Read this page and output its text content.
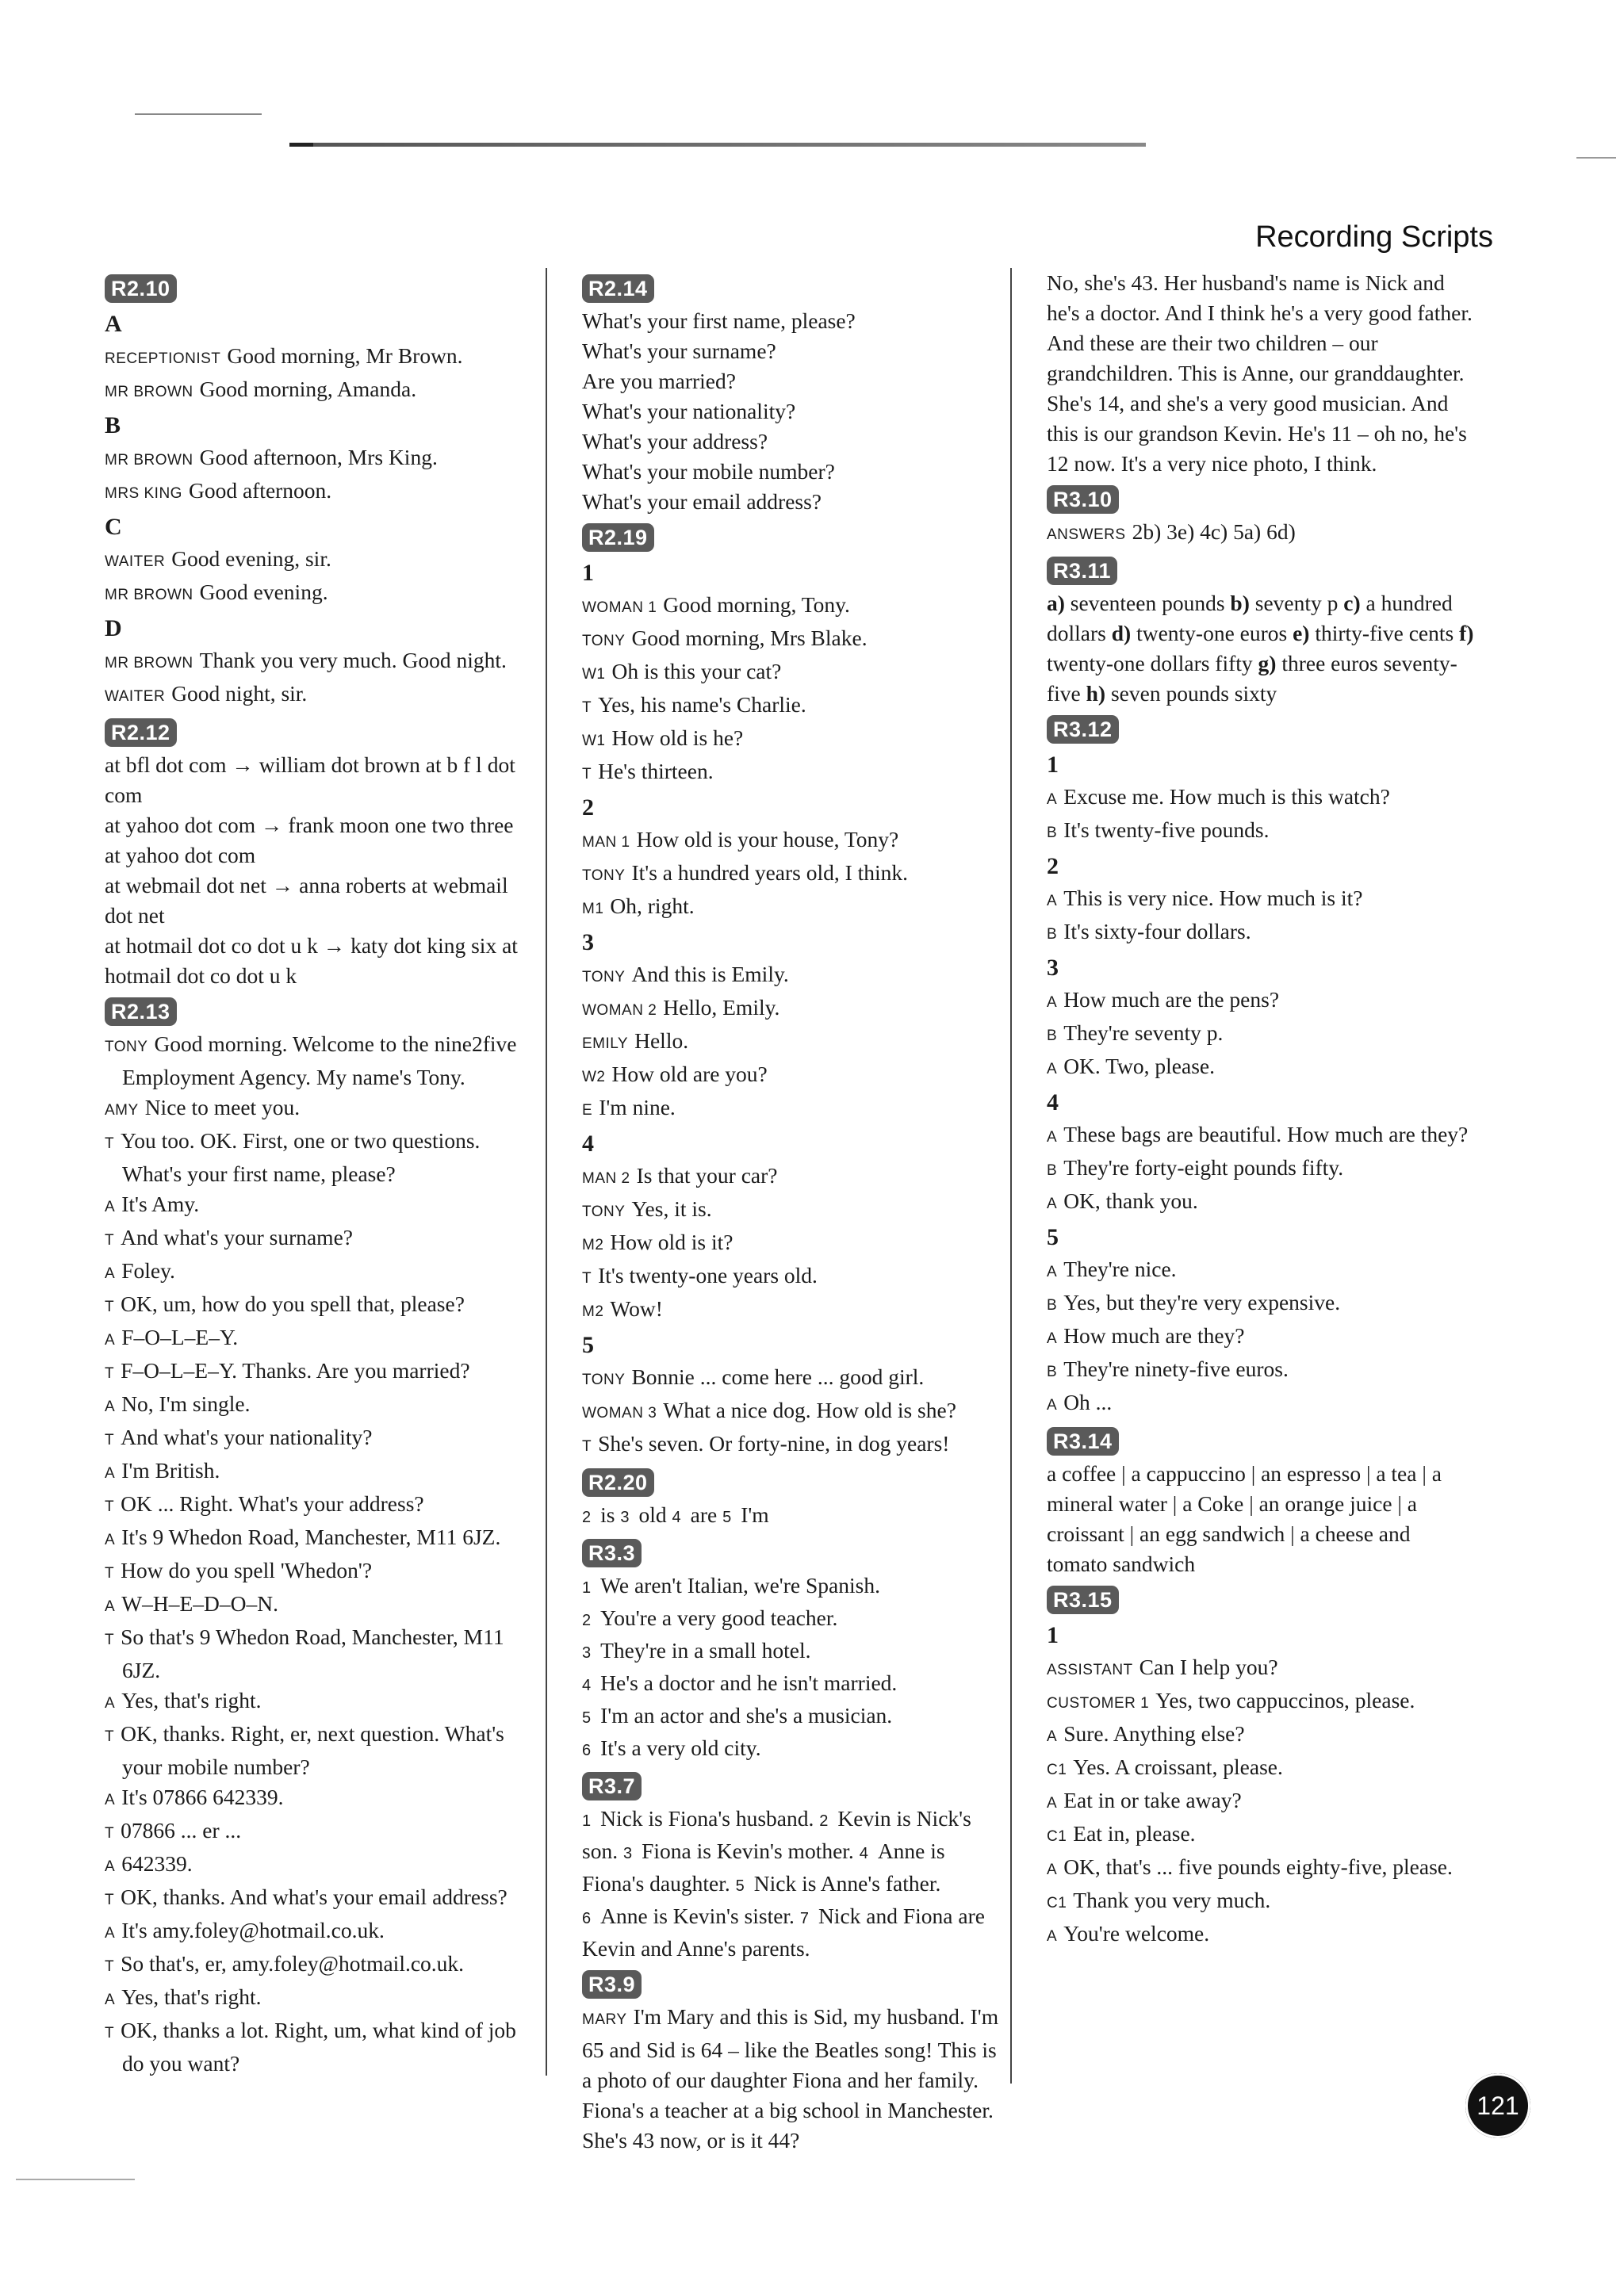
Recording Scripts
R2.10
A
RECEPTIONIST Good morning, Mr Brown.
MR BROWN Good morning, Amanda.
B
MR BROWN Good afternoon, Mrs King.
MRS KING Good afternoon.
C
WAITER Good evening, sir.
MR BROWN Good evening.
D
MR BROWN Thank you very much. Good night.
WAITER Good night, sir.
R2.12
at bfl dot com → william dot brown at b f l dot com
at yahoo dot com → frank moon one two three at yahoo dot com
at webmail dot net → anna roberts at webmail dot net
at hotmail dot co dot u k → katy dot king six at hotmail dot co dot u k
R2.13
TONY Good morning. Welcome to the nine2five Employment Agency. My name's Tony.
AMY Nice to meet you.
T You too. OK. First, one or two questions. What's your first name, please?
A It's Amy.
T And what's your surname?
A Foley.
T OK, um, how do you spell that, please?
A F–O–L–E–Y.
T F–O–L–E–Y. Thanks. Are you married?
A No, I'm single.
T And what's your nationality?
A I'm British.
T OK ... Right. What's your address?
A It's 9 Whedon Road, Manchester, M11 6JZ.
T How do you spell 'Whedon'?
A W–H–E–D–O–N.
T So that's 9 Whedon Road, Manchester, M11 6JZ.
A Yes, that's right.
T OK, thanks. Right, er, next question. What's your mobile number?
A It's 07866 642339.
T 07866 ... er ...
A 642339.
T OK, thanks. And what's your email address?
A It's amy.foley@hotmail.co.uk.
T So that's, er, amy.foley@hotmail.co.uk.
A Yes, that's right.
T OK, thanks a lot. Right, um, what kind of job do you want?
R2.14
What's your first name, please?
What's your surname?
Are you married?
What's your nationality?
What's your address?
What's your mobile number?
What's your email address?
R2.19
1
WOMAN 1 Good morning, Tony.
TONY Good morning, Mrs Blake.
W1 Oh is this your cat?
T Yes, his name's Charlie.
W1 How old is he?
T He's thirteen.
2
MAN 1 How old is your house, Tony?
TONY It's a hundred years old, I think.
M1 Oh, right.
3
TONY And this is Emily.
WOMAN 2 Hello, Emily.
EMILY Hello.
W2 How old are you?
E I'm nine.
4
MAN 2 Is that your car?
TONY Yes, it is.
M2 How old is it?
T It's twenty-one years old.
M2 Wow!
5
TONY Bonnie ... come here ... good girl.
WOMAN 3 What a nice dog. How old is she?
T She's seven. Or forty-nine, in dog years!
R2.20
2 is 3 old 4 are 5 I'm
R3.3
1 We aren't Italian, we're Spanish.
2 You're a very good teacher.
3 They're in a small hotel.
4 He's a doctor and he isn't married.
5 I'm an actor and she's a musician.
6 It's a very old city.
R3.7
1 Nick is Fiona's husband. 2 Kevin is Nick's son. 3 Fiona is Kevin's mother. 4 Anne is Fiona's daughter. 5 Nick is Anne's father. 6 Anne is Kevin's sister. 7 Nick and Fiona are Kevin and Anne's parents.
R3.9
MARY I'm Mary and this is Sid, my husband. I'm 65 and Sid is 64 – like the Beatles song! This is a photo of our daughter Fiona and her family. Fiona's a teacher at a big school in Manchester. She's 43 now, or is it 44?
No, she's 43. Her husband's name is Nick and he's a doctor. And I think he's a very good father.
And these are their two children – our grandchildren. This is Anne, our granddaughter. She's 14, and she's a very good musician. And this is our grandson Kevin. He's 11 – oh no, he's 12 now. It's a very nice photo, I think.
R3.10
ANSWERS 2b) 3e) 4c) 5a) 6d)
R3.11
a) seventeen pounds b) seventy p c) a hundred dollars d) twenty-one euros e) thirty-five cents f) twenty-one dollars fifty g) three euros seventy-five h) seven pounds sixty
R3.12
1
A Excuse me. How much is this watch?
B It's twenty-five pounds.
2
A This is very nice. How much is it?
B It's sixty-four dollars.
3
A How much are the pens?
B They're seventy p.
A OK. Two, please.
4
A These bags are beautiful. How much are they?
B They're forty-eight pounds fifty.
A OK, thank you.
5
A They're nice.
B Yes, but they're very expensive.
A How much are they?
B They're ninety-five euros.
A Oh ...
R3.14
a coffee | a cappuccino | an espresso | a tea | a mineral water | a Coke | an orange juice | a croissant | an egg sandwich | a cheese and tomato sandwich
R3.15
1
ASSISTANT Can I help you?
CUSTOMER 1 Yes, two cappuccinos, please.
A Sure. Anything else?
C1 Yes. A croissant, please.
A Eat in or take away?
C1 Eat in, please.
A OK, that's ... five pounds eighty-five, please.
C1 Thank you very much.
A You're welcome.
121
